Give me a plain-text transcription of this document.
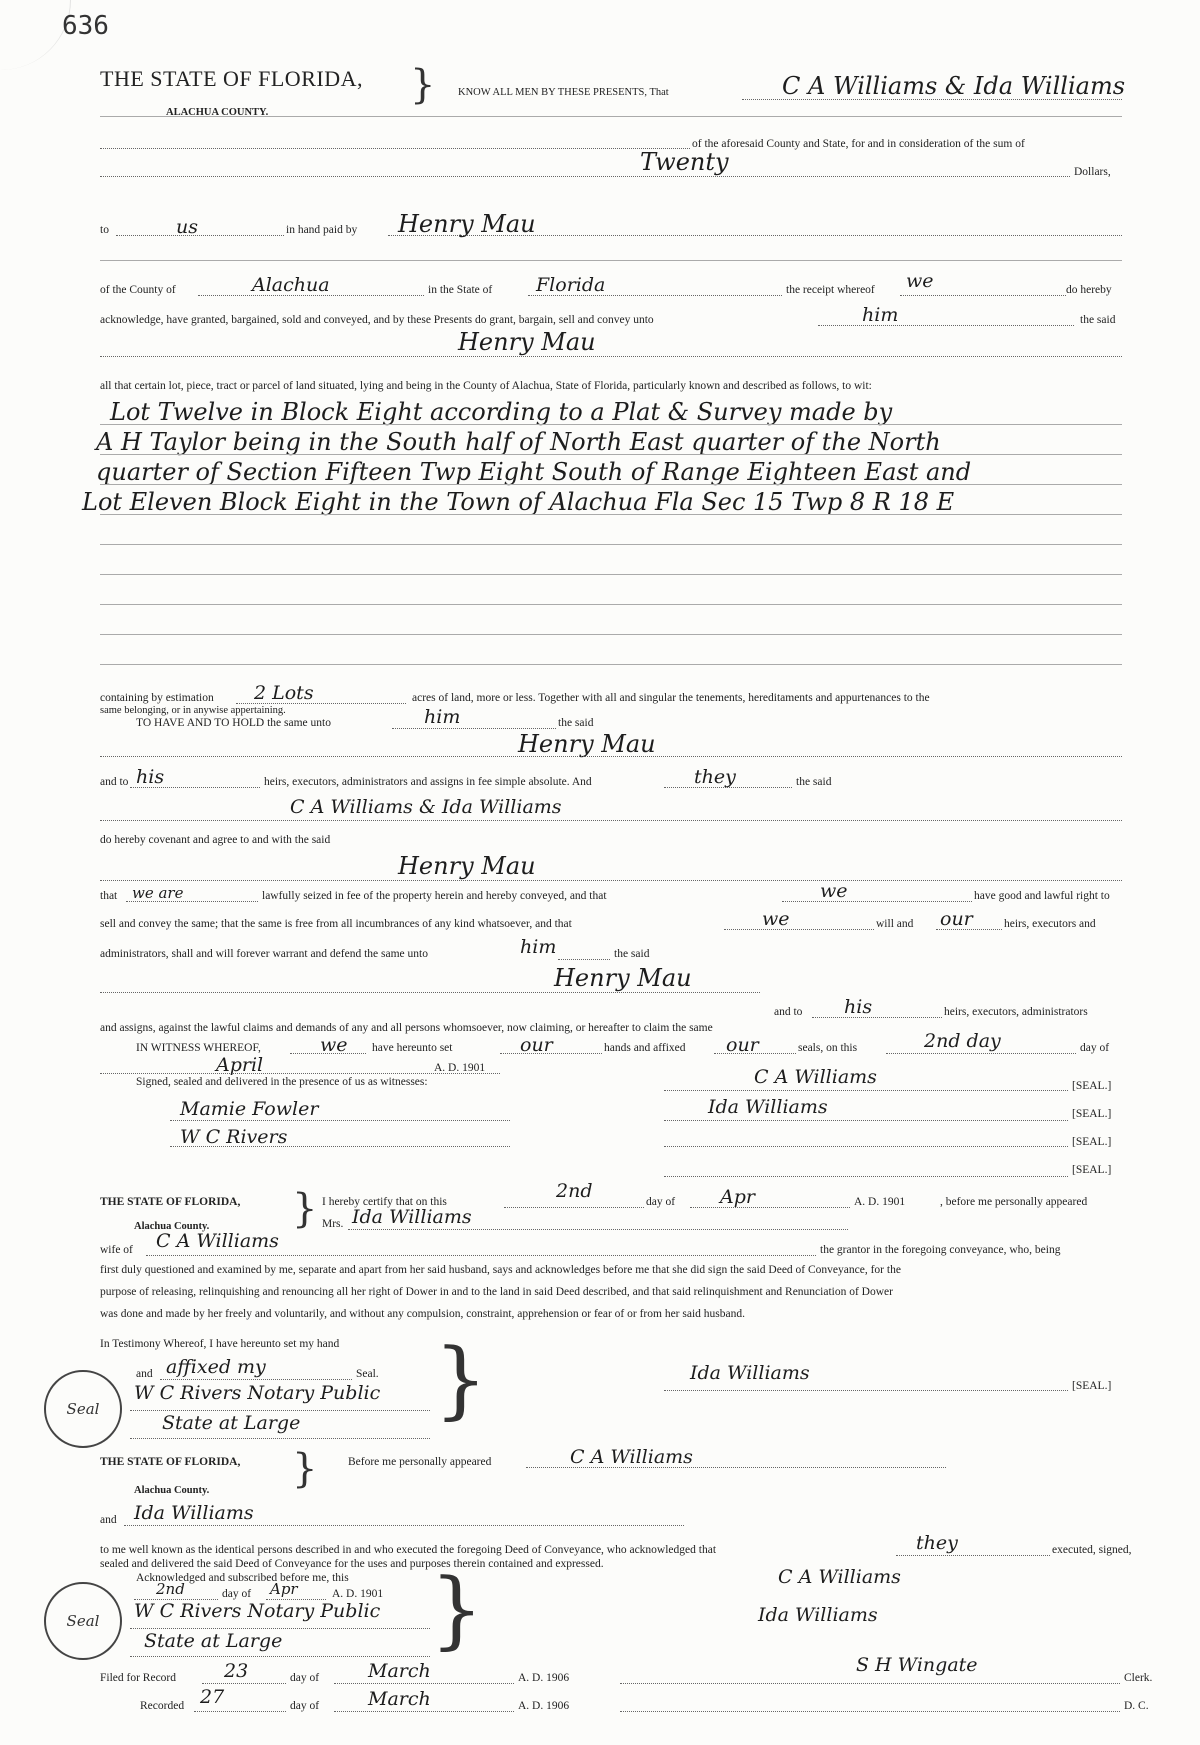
636
THE STATE OF FLORIDA, }
ALACHUA COUNTY.
KNOW ALL MEN BY THESE PRESENTS, That	C A Williams & Ida Williams
of the aforesaid County and State, for and in consideration of the sum of
Twenty	Dollars,
to	us	in hand paid by Henry Mau
of the County of	Alachua	in the State of Florida	the receipt whereof we	do hereby
acknowledge, have granted, bargained, sold and conveyed, and by these Presents do grant, bargain, sell and convey unto	him	the said
Henry Mau
all that certain lot, piece, tract or parcel of land situated, lying and being in the County of Alachua, State of Florida, particularly known and described as follows, to wit:
Lot Twelve in Block Eight according to a Plat & Survey made by
A H Taylor being in the South half of North East quarter of the North
quarter of Section Fifteen Twp Eight South of Range Eighteen East and
Lot Eleven Block Eight in the Town of Alachua Fla Sec 15 Twp 8 R 18 E
containing by estimation 2 Lots	acres of land, more or less. Together with all and singular the tenements, hereditaments and appurtenances to the
same belonging, or in anywise appertaining.
TO HAVE AND TO HOLD the same unto	him	the said
Henry Mau
and to his	heirs, executors, administrators and assigns in fee simple absolute. And	they	the said
C A Williams & Ida Williams
do hereby covenant and agree to and with the said
Henry Mau
that we are	lawfully seized in fee of the property herein and hereby conveyed, and that	we	have good and lawful right to
sell and convey the same; that the same is free from all incumbrances of any kind whatsoever, and that	we	will and our	heirs, executors and
administrators, shall and will forever warrant and defend the same unto	him	the said
Henry Mau
and to his	heirs, executors, administrators
and assigns, against the lawful claims and demands of any and all persons whomsoever, now claiming, or hereafter to claim the same
IN WITNESS WHEREOF,	we have hereunto set	our	hands and affixed our	seals, on this	2nd day	day of
April	A. D. 1901
Signed, sealed and delivered in the presence of us as witnesses:	C A Williams	[SEAL.]
Mamie Fowler	Ida Williams	[SEAL.]
W C Rivers	[SEAL.]
[SEAL.]
THE STATE OF FLORIDA, }
Alachua County.
I hereby certify that on this	2nd	day of Apr	A. D. 1901	, before me personally appeared
Mrs. Ida Williams
wife of C A Williams	the grantor in the foregoing conveyance, who, being
first duly questioned and examined by me, separate and apart from her said husband, says and acknowledges before me that she did sign the said Deed of Conveyance, for the
purpose of releasing, relinquishing and renouncing all her right of Dower in and to the land in said Deed described, and that said relinquishment and Renunciation of Dower
was done and made by her freely and voluntarily, and without any compulsion, constraint, apprehension or fear of or from her said husband.
In Testimony Whereof, I have hereunto set my hand }
and affixed my	Seal.
W C Rivers Notary Public
State at Large
Seal
Ida Williams
[SEAL.]
THE STATE OF FLORIDA, }
Alachua County.
Before me personally appeared	C A Williams
and Ida Williams
to me well known as the identical persons described in and who executed the foregoing Deed of Conveyance, who acknowledged that	they	executed, signed,
sealed and delivered the said Deed of Conveyance for the uses and purposes therein contained and expressed.
Acknowledged and subscribed before me, this }
2nd	day of Apr	A. D. 1901
W C Rivers Notary Public
State at Large
Seal
C A Williams
Ida Williams
S H Wingate
Filed for Record	23	day of	March	A. D. 1906	Clerk.
Recorded 27	day of	March	A. D. 1906	D. C.
